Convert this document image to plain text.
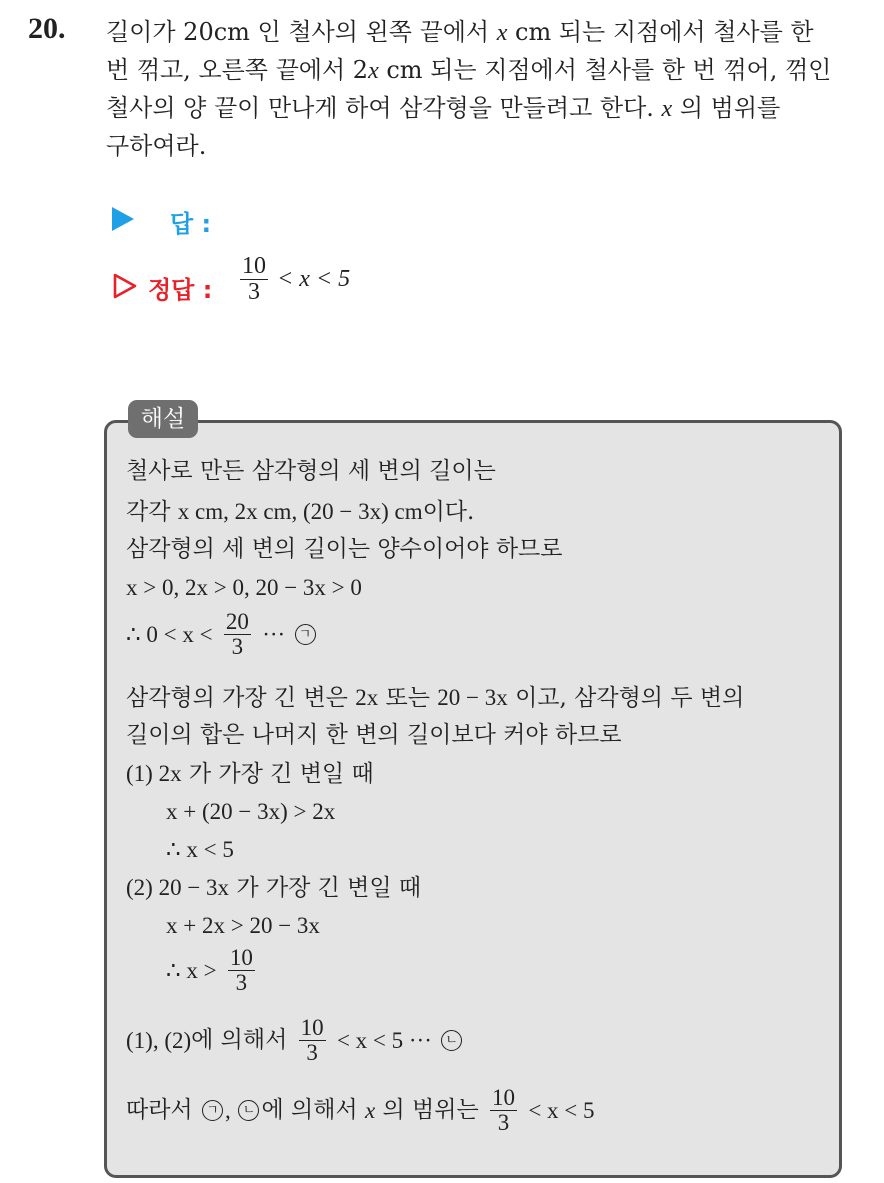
20. 길이가 20cm 인 철사의 왼쪽 끝에서 x cm 되는 지점에서 철사를 한
번 꺾고, 오른쪽 끝에서 2x cm 되는 지점에서 철사를 한 번 꺾어, 꺾인
철사의 양 끝이 만나게 하여 삼각형을 만들려고 한다. x 의 범위를
구하여라.
답 :
정답 : $\frac{10}{3} < x < 5$
해설
철사로 만든 삼각형의 세 변의 길이는
각각 x cm, 2x cm, (20 − 3x) cm이다.
삼각형의 세 변의 길이는 양수이어야 하므로
x > 0, 2x > 0, 20 − 3x > 0
∴ $0 < x < \frac{20}{3}$ ··· ㄱ
삼각형의 가장 긴 변은 2x 또는 20 − 3x 이고, 삼각형의 두 변의
길이의 합은 나머지 한 변의 길이보다 커야 하므로
(1) 2x 가 가장 긴 변일 때
x + (20 − 3x) > 2x
∴ x < 5
(2) 20 − 3x 가 가장 긴 변일 때
x + 2x > 20 − 3x
∴ $x > \frac{10}{3}$
(1), (2)에 의해서 $\frac{10}{3} < x < 5$ ··· ㄴ
따라서 ㄱ , ㄴ 에 의해서 x 의 범위는 $\frac{10}{3} < x < 5$
